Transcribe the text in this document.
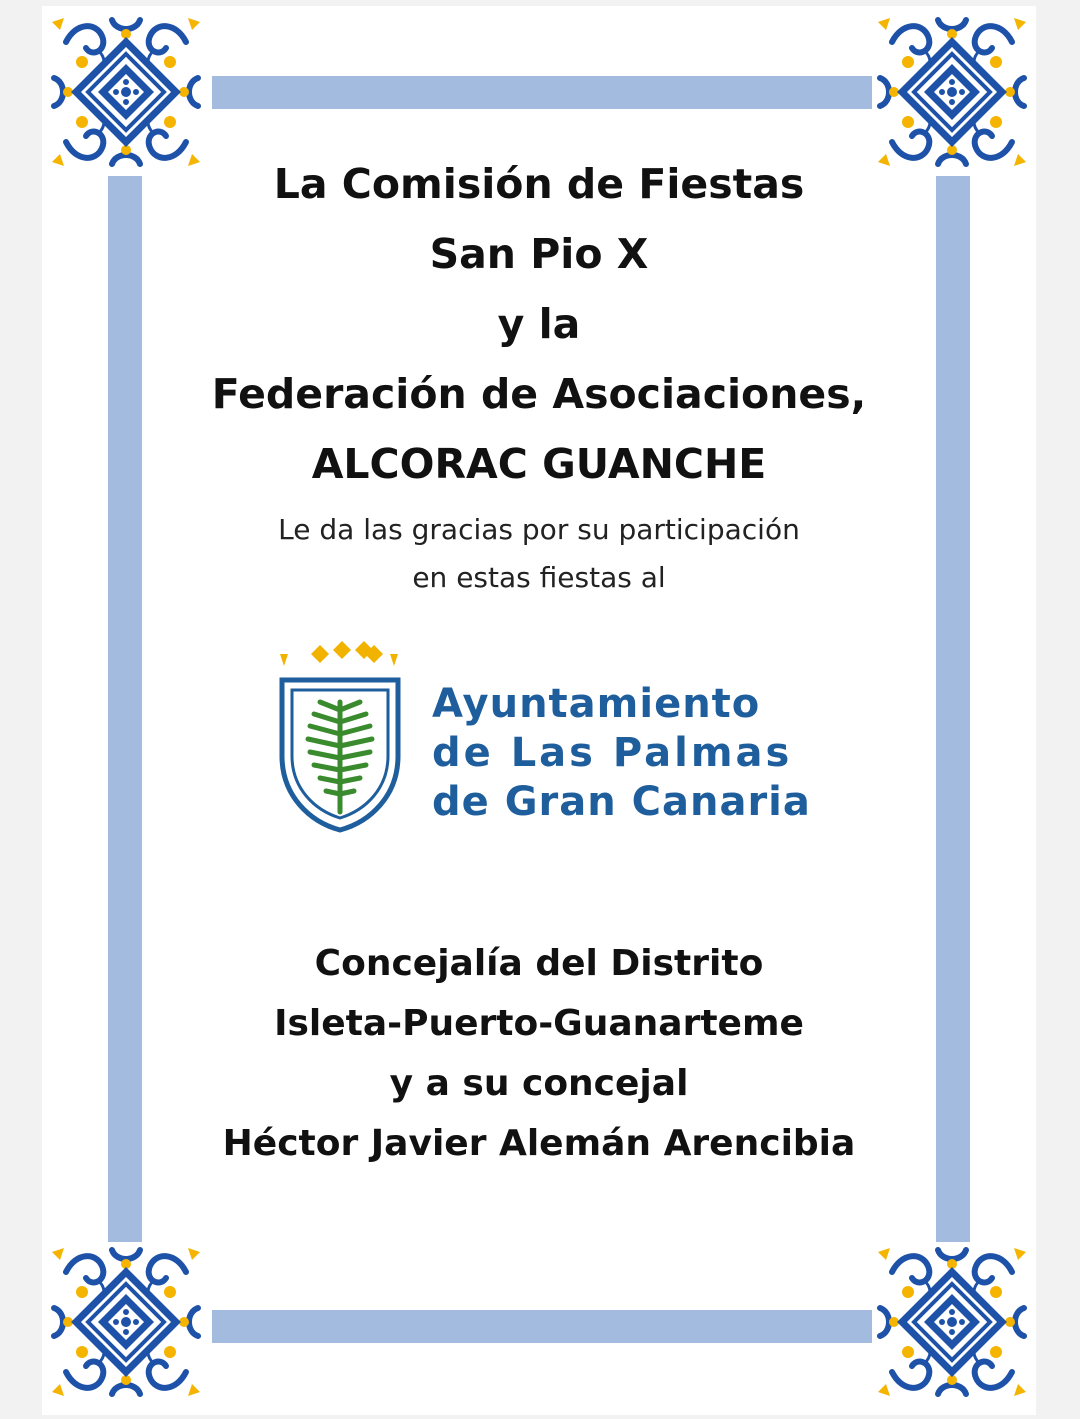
La Comisión de Fiestas
San Pio X
y la
Federación de Asociaciones,
ALCORAC GUANCHE
Le da las gracias por su participación
en estas fiestas al
Ayuntamiento
de Las Palmas
de Gran Canaria
Concejalía del Distrito
Isleta-Puerto-Guanarteme
y a su concejal
Héctor Javier Alemán Arencibia
